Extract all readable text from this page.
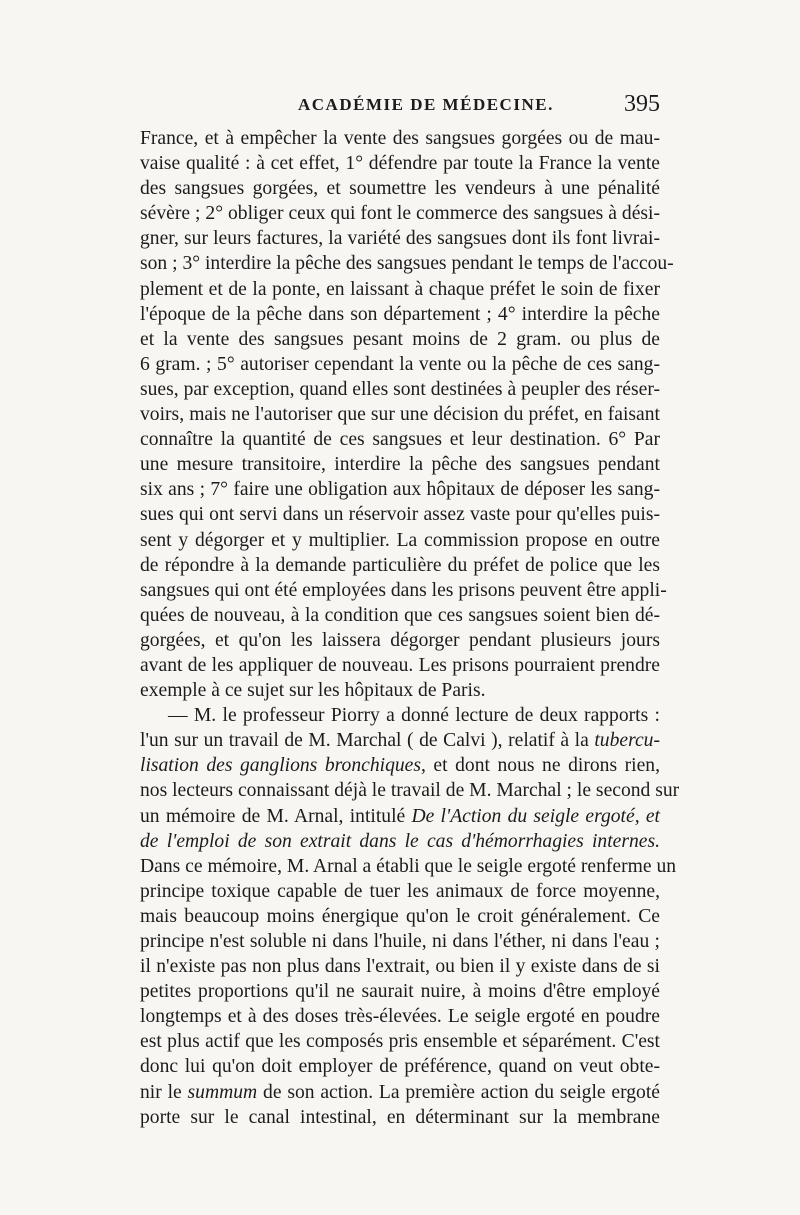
ACADÉMIE DE MÉDECINE.	395
France, et à empêcher la vente des sangsues gorgées ou de mau-
vaise qualité : à cet effet, 1° défendre par toute la France la vente
des sangsues gorgées, et soumettre les vendeurs à une pénalité
sévère ; 2° obliger ceux qui font le commerce des sangsues à dési-
gner, sur leurs factures, la variété des sangsues dont ils font livrai-
son ; 3° interdire la pêche des sangsues pendant le temps de l'accou-
plement et de la ponte, en laissant à chaque préfet le soin de fixer
l'époque de la pêche dans son département ; 4° interdire la pêche
et la vente des sangsues pesant moins de 2 gram. ou plus de
6 gram. ; 5° autoriser cependant la vente ou la pêche de ces sang-
sues, par exception, quand elles sont destinées à peupler des réser-
voirs, mais ne l'autoriser que sur une décision du préfet, en faisant
connaître la quantité de ces sangsues et leur destination. 6° Par
une mesure transitoire, interdire la pêche des sangsues pendant
six ans ; 7° faire une obligation aux hôpitaux de déposer les sang-
sues qui ont servi dans un réservoir assez vaste pour qu'elles puis-
sent y dégorger et y multiplier. La commission propose en outre
de répondre à la demande particulière du préfet de police que les
sangsues qui ont été employées dans les prisons peuvent être appli-
quées de nouveau, à la condition que ces sangsues soient bien dé-
gorgées, et qu'on les laissera dégorger pendant plusieurs jours
avant de les appliquer de nouveau. Les prisons pourraient prendre
exemple à ce sujet sur les hôpitaux de Paris.
— M. le professeur Piorry a donné lecture de deux rapports :
l'un sur un travail de M. Marchal ( de Calvi ), relatif à la tubercu-
lisation des ganglions bronchiques, et dont nous ne dirons rien,
nos lecteurs connaissant déjà le travail de M. Marchal ; le second sur
un mémoire de M. Arnal, intitulé De l'Action du seigle ergoté, et
de l'emploi de son extrait dans le cas d'hémorrhagies internes.
Dans ce mémoire, M. Arnal a établi que le seigle ergoté renferme un
principe toxique capable de tuer les animaux de force moyenne,
mais beaucoup moins énergique qu'on le croit généralement. Ce
principe n'est soluble ni dans l'huile, ni dans l'éther, ni dans l'eau ;
il n'existe pas non plus dans l'extrait, ou bien il y existe dans de si
petites proportions qu'il ne saurait nuire, à moins d'être employé
longtemps et à des doses très-élevées. Le seigle ergoté en poudre
est plus actif que les composés pris ensemble et séparément. C'est
donc lui qu'on doit employer de préférence, quand on veut obte-
nir le summum de son action. La première action du seigle ergoté
porte sur le canal intestinal, en déterminant sur la membrane
